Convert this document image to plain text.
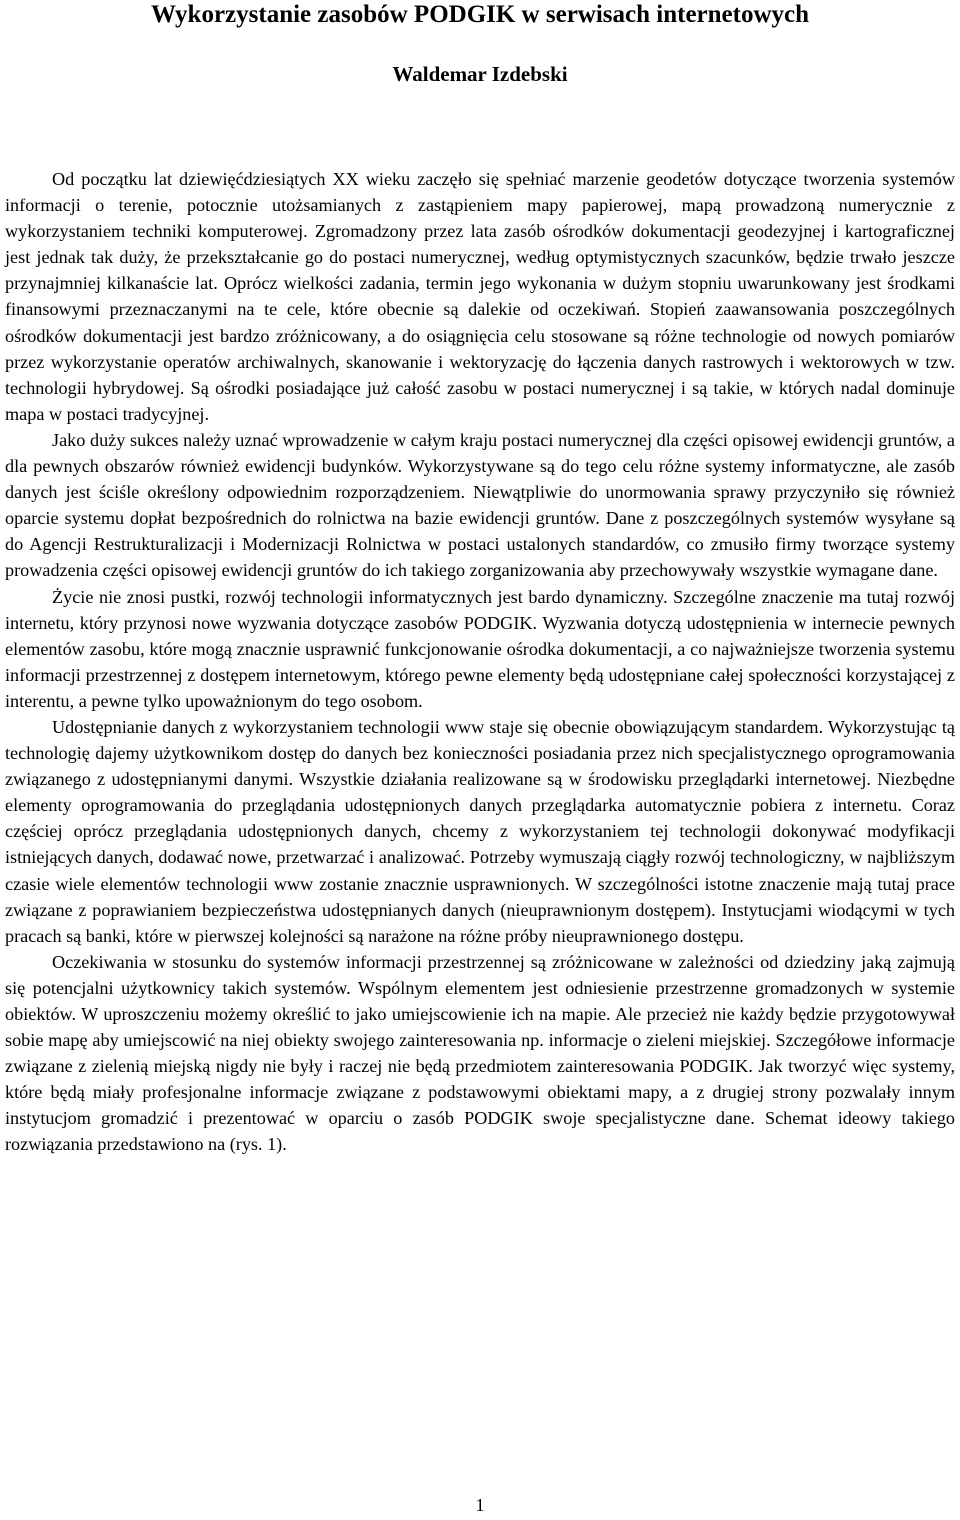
Wykorzystanie zasobów PODGIK w serwisach internetowych
Waldemar Izdebski

Od początku lat dziewięćdziesiątych XX wieku zaczęło się spełniać marzenie geodetów dotyczące tworzenia systemów informacji o terenie, potocznie utożsamianych z zastąpieniem mapy papierowej, mapą prowadzoną numerycznie z wykorzystaniem techniki komputerowej. Zgromadzony przez lata zasób ośrodków dokumentacji geodezyjnej i kartograficznej jest jednak tak duży, że przekształcanie go do postaci numerycznej, według optymistycznych szacunków, będzie trwało jeszcze przynajmniej kilkanaście lat. Oprócz wielkości zadania, termin jego wykonania w dużym stopniu uwarunkowany jest środkami finansowymi przeznaczanymi na te cele, które obecnie są dalekie od oczekiwań. Stopień zaawansowania poszczególnych ośrodków dokumentacji jest bardzo zróżnicowany, a do osiągnięcia celu stosowane są różne technologie od nowych pomiarów przez wykorzystanie operatów archiwalnych, skanowanie i wektoryzację do łączenia danych rastrowych i wektorowych w tzw. technologii hybrydowej. Są ośrodki posiadające już całość zasobu w postaci numerycznej i są takie, w których nadal dominuje mapa w postaci tradycyjnej.

Jako duży sukces należy uznać wprowadzenie w całym kraju postaci numerycznej dla części opisowej ewidencji gruntów, a dla pewnych obszarów również ewidencji budynków. Wykorzystywane są do tego celu różne systemy informatyczne, ale zasób danych jest ściśle określony odpowiednim rozporządzeniem. Niewątpliwie do unormowania sprawy przyczyniło się również oparcie systemu dopłat bezpośrednich do rolnictwa na bazie ewidencji gruntów. Dane z poszczególnych systemów wysyłane są do Agencji Restrukturalizacji i Modernizacji Rolnictwa w postaci ustalonych standardów, co zmusiło firmy tworzące systemy prowadzenia części opisowej ewidencji gruntów do ich takiego zorganizowania aby przechowywały wszystkie wymagane dane.

Życie nie znosi pustki, rozwój technologii informatycznych jest bardo dynamiczny. Szczególne znaczenie ma tutaj rozwój internetu, który przynosi nowe wyzwania dotyczące zasobów PODGIK. Wyzwania dotyczą udostępnienia w internecie pewnych elementów zasobu, które mogą znacznie usprawnić funkcjonowanie ośrodka dokumentacji, a co najważniejsze tworzenia systemu informacji przestrzennej z dostępem internetowym, którego pewne elementy będą udostępniane całej społeczności korzystającej z interentu, a pewne tylko upoważnionym do tego osobom.

Udostępnianie danych z wykorzystaniem technologii www staje się obecnie obowiązującym standardem. Wykorzystując tą technologię dajemy użytkownikom dostęp do danych bez konieczności posiadania przez nich specjalistycznego oprogramowania związanego z udostępnianymi danymi. Wszystkie działania realizowane są w środowisku przeglądarki internetowej. Niezbędne elementy oprogramowania do przeglądania udostępnionych danych przeglądarka automatycznie pobiera z internetu. Coraz częściej oprócz przeglądania udostępnionych danych, chcemy z wykorzystaniem tej technologii dokonywać modyfikacji istniejących danych, dodawać nowe, przetwarzać i analizować. Potrzeby wymuszają ciągły rozwój technologiczny, w najbliższym czasie wiele elementów technologii www zostanie znacznie usprawnionych. W szczególności istotne znaczenie mają tutaj prace związane z poprawianiem bezpieczeństwa udostępnianych danych (nieuprawnionym dostępem). Instytucjami wiodącymi w tych pracach są banki, które w pierwszej kolejności są narażone na różne próby nieuprawnionego dostępu.

Oczekiwania w stosunku do systemów informacji przestrzennej są zróżnicowane w zależności od dziedziny jaką zajmują się potencjalni użytkownicy takich systemów. Wspólnym elementem jest odniesienie przestrzenne gromadzonych w systemie obiektów. W uproszczeniu możemy określić to jako umiejscowienie ich na mapie. Ale przecież nie każdy będzie przygotowywał sobie mapę aby umiejscowić na niej obiekty swojego zainteresowania np. informacje o zieleni miejskiej. Szczegółowe informacje związane z zielenią miejską nigdy nie były i raczej nie będą przedmiotem zainteresowania PODGIK. Jak tworzyć więc systemy, które będą miały profesjonalne informacje związane z podstawowymi obiektami mapy, a z drugiej strony pozwalały innym instytucjom gromadzić i prezentować w oparciu o zasób PODGIK swoje specjalistyczne dane. Schemat ideowy takiego rozwiązania przedstawiono na (rys. 1).

1
